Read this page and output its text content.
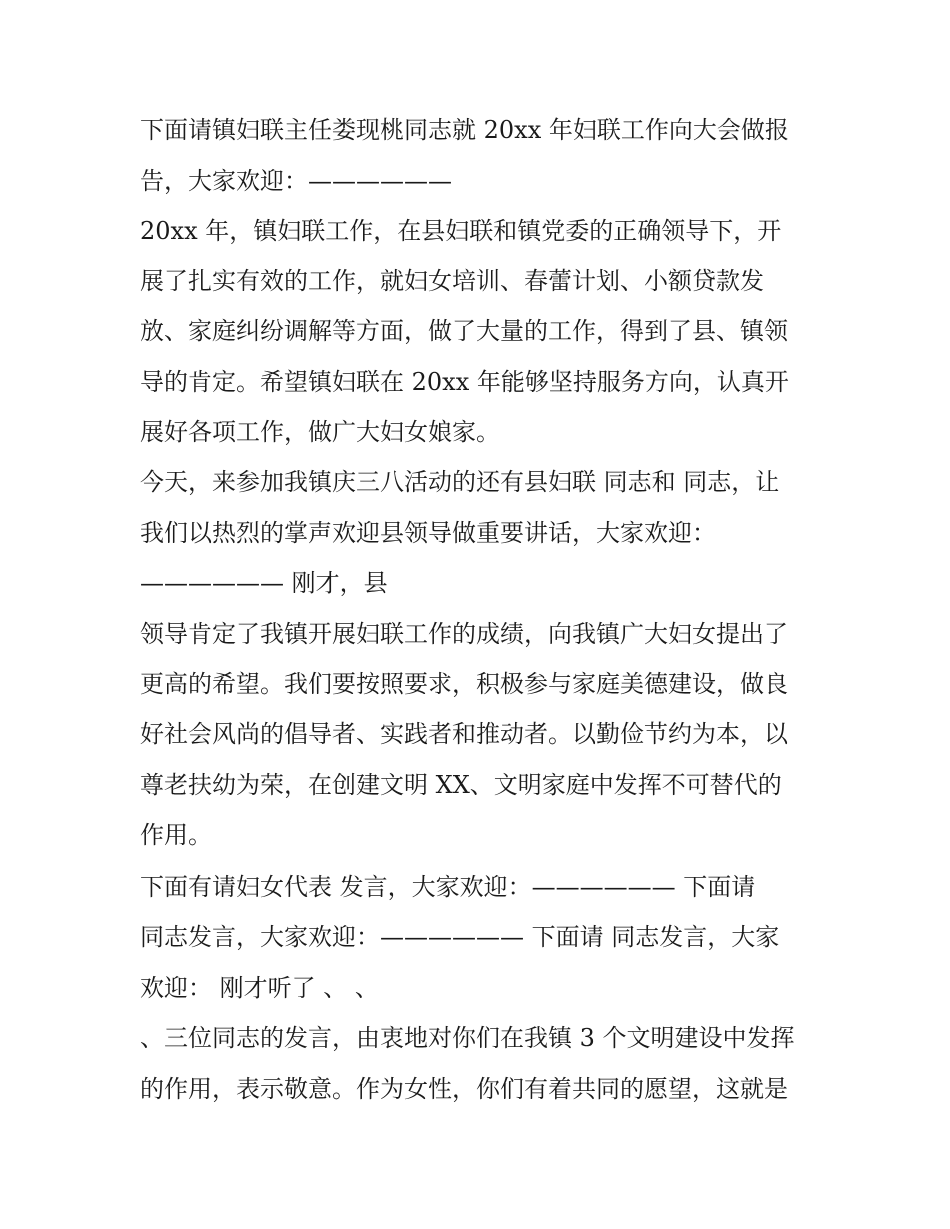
下面请镇妇联主任娄现桃同志就 20xx 年妇联工作向大会做报
告，大家欢迎：——————
20xx 年，镇妇联工作，在县妇联和镇党委的正确领导下，开
展了扎实有效的工作，就妇女培训、春蕾计划、小额贷款发
放、家庭纠纷调解等方面，做了大量的工作，得到了县、镇领
导的肯定。希望镇妇联在 20xx 年能够坚持服务方向，认真开
展好各项工作，做广大妇女娘家。
今天，来参加我镇庆三八活动的还有县妇联 同志和 同志，让
我们以热烈的掌声欢迎县领导做重要讲话，大家欢迎：
—————— 刚才，县
领导肯定了我镇开展妇联工作的成绩，向我镇广大妇女提出了
更高的希望。我们要按照要求，积极参与家庭美德建设，做良
好社会风尚的倡导者、实践者和推动者。以勤俭节约为本，以
尊老扶幼为荣，在创建文明 XX、文明家庭中发挥不可替代的
作用。
下面有请妇女代表 发言，大家欢迎：—————— 下面请
同志发言，大家欢迎：—————— 下面请 同志发言，大家
欢迎： 刚才听了 、 、
、三位同志的发言，由衷地对你们在我镇 3 个文明建设中发挥
的作用，表示敬意。作为女性，你们有着共同的愿望，这就是
